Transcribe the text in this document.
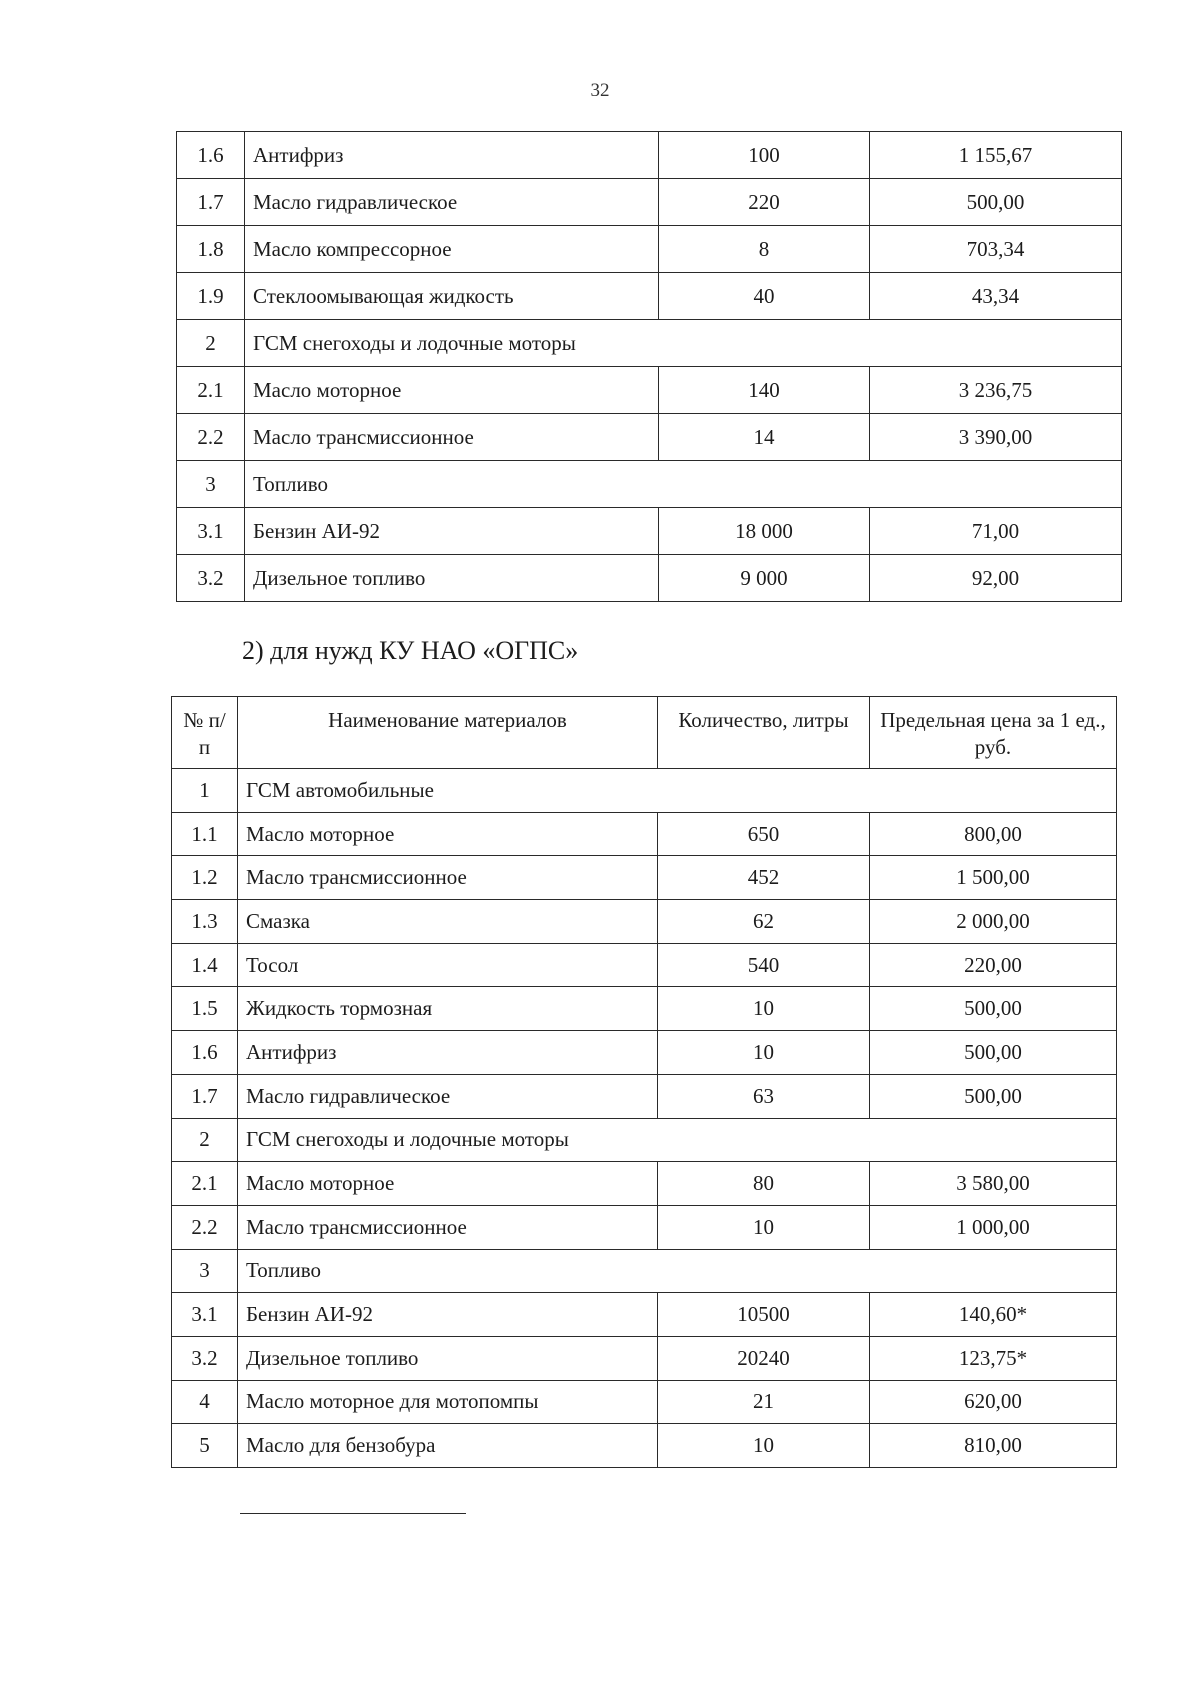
32
1.6	Антифриз	100	1 155,67
1.7	Масло гидравлическое	220	500,00
1.8	Масло компрессорное	8	703,34
1.9	Стеклоомывающая жидкость	40	43,34
2	ГСМ снегоходы и лодочные моторы		
2.1	Масло моторное	140	3 236,75
2.2	Масло трансмиссионное	14	3 390,00
3	Топливо		
3.1	Бензин АИ-92	18 000	71,00
3.2	Дизельное топливо	9 000	92,00
2) для нужд КУ НАО «ОГПС»
№ п/п	Наименование материалов	Количество, литры	Предельная цена за 1 ед., руб.
1	ГСМ автомобильные		
1.1	Масло моторное	650	800,00
1.2	Масло трансмиссионное	452	1 500,00
1.3	Смазка	62	2 000,00
1.4	Тосол	540	220,00
1.5	Жидкость тормозная	10	500,00
1.6	Антифриз	10	500,00
1.7	Масло гидравлическое	63	500,00
2	ГСМ снегоходы и лодочные моторы		
2.1	Масло моторное	80	3 580,00
2.2	Масло трансмиссионное	10	1 000,00
3	Топливо		
3.1	Бензин АИ-92	10500	140,60*
3.2	Дизельное топливо	20240	123,75*
4	Масло моторное для мотопомпы	21	620,00
5	Масло для бензобура	10	810,00
